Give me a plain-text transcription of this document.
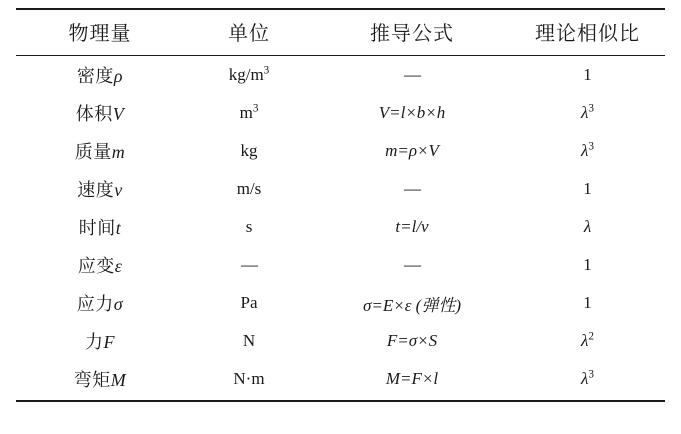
物理量	单位	推导公式	理论相似比
密度ρ	$kg/m^3$	—	1
体积V	$m^3$	V=l×b×h	$\lambda^3$
质量m	kg	m=ρ×V	$\lambda^3$
速度v	m/s	—	1
时间t	s	t=l/v	λ
应变ε	—	—	1
应力σ	Pa	σ=E×ε (弹性)	1
力F	N	F=σ×S	$\lambda^2$
弯矩M	N·m	M=F×l	$\lambda^3$
